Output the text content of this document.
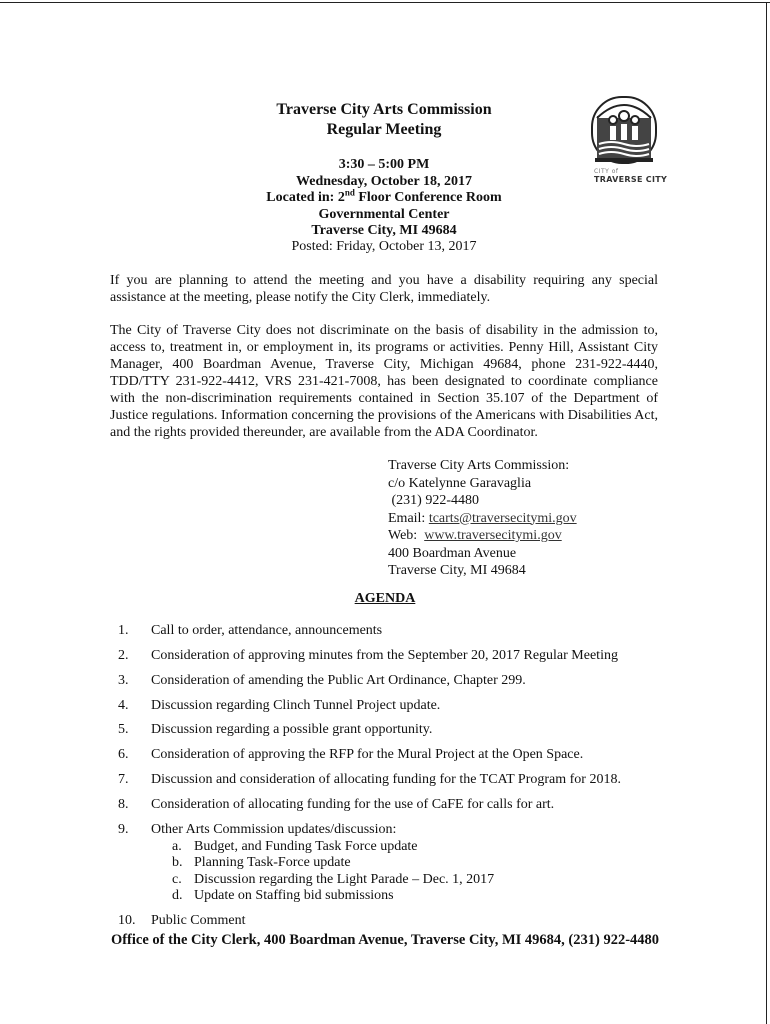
Traverse City Arts Commission
Regular Meeting
3:30 – 5:00 PM
Wednesday, October 18, 2017
Located in: 2nd Floor Conference Room
Governmental Center
Traverse City, MI 49684
Posted: Friday, October 13, 2017
CITY of
TRAVERSE CITY
If you are planning to attend the meeting and you have a disability requiring any special assistance at the meeting, please notify the City Clerk, immediately.
The City of Traverse City does not discriminate on the basis of disability in the admission to, access to, treatment in, or employment in, its programs or activities. Penny Hill, Assistant City Manager, 400 Boardman Avenue, Traverse City, Michigan 49684, phone 231-922-4440, TDD/TTY 231-922-4412, VRS 231-421-7008, has been designated to coordinate compliance with the non-discrimination requirements contained in Section 35.107 of the Department of Justice regulations. Information concerning the provisions of the Americans with Disabilities Act, and the rights provided thereunder, are available from the ADA Coordinator.
Traverse City Arts Commission:
c/o Katelynne Garavaglia
(231) 922-4480
Email: tcarts@traversecitymi.gov
Web:  www.traversecitymi.gov
400 Boardman Avenue
Traverse City, MI 49684
AGENDA
1. Call to order, attendance, announcements
2. Consideration of approving minutes from the September 20, 2017 Regular Meeting
3. Consideration of amending the Public Art Ordinance, Chapter 299.
4. Discussion regarding Clinch Tunnel Project update.
5. Discussion regarding a possible grant opportunity.
6. Consideration of approving the RFP for the Mural Project at the Open Space.
7. Discussion and consideration of allocating funding for the TCAT Program for 2018.
8. Consideration of allocating funding for the use of CaFE for calls for art.
9. Other Arts Commission updates/discussion:
a. Budget, and Funding Task Force update
b. Planning Task-Force update
c. Discussion regarding the Light Parade – Dec. 1, 2017
d. Update on Staffing bid submissions
10. Public Comment
Office of the City Clerk, 400 Boardman Avenue, Traverse City, MI 49684, (231) 922-4480
